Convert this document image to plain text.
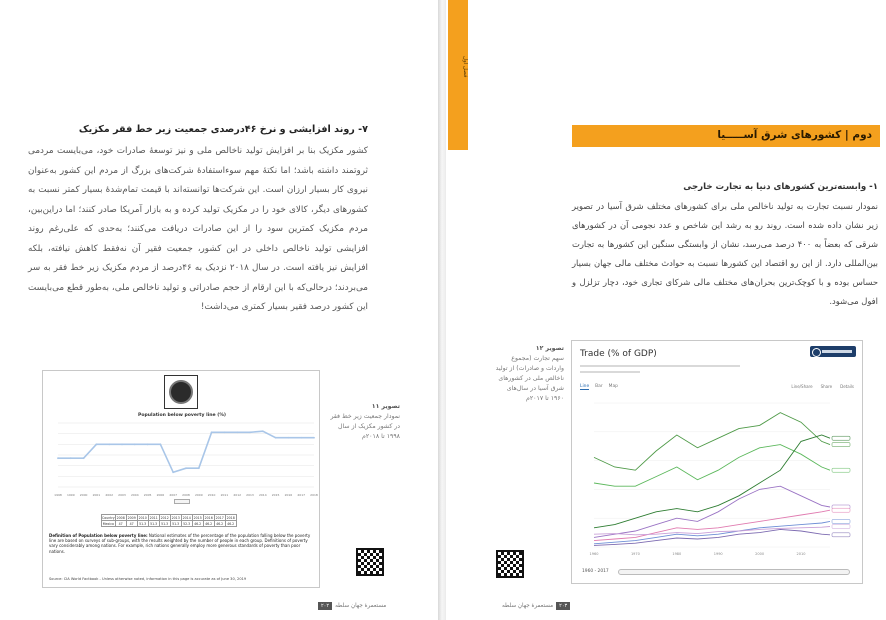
۷- روند افزایشی و نرخ ۴۶درصدی جمعیت زیر خط فقر مکزیک
کشور مکزیک بنا بر افزایش تولید ناخالص ملی و نیز توسعهٔ صادرات خود، می‌بایست مردمی ثروتمند داشته باشد؛ اما نکتهٔ مهم سوءاستفادهٔ شرکت‌های بزرگ از مردم این کشور به‌عنوان نیروی کار بسیار ارزان است. این شرکت‌ها توانسته‌اند با قیمت تمام‌شدهٔ بسیار کمتر نسبت به کشورهای دیگر، کالای خود را در مکزیک تولید کرده و به بازار آمریکا صادر کنند؛ اما دراین‌بین، مردم مکزیک کمترین سود را از این صادرات دریافت می‌کنند؛ به‌حدی که علی‌رغم روند افزایشی تولید ناخالص داخلی در این کشور، جمعیت فقیر آن نه‌فقط کاهش نیافته، بلکه افزایش نیز یافته است. در سال ۲۰۱۸ نزدیک به ۴۶درصد از مردم مکزیک زیر خط فقر به سر می‌بردند؛ درحالی‌که با این ارقام از حجم صادراتی و تولید ناخالص ملی، به‌طور قطع می‌بایست این کشور درصد فقیر بسیار کمتری می‌داشت!
Population below poverty line (%)
1998 1999 2000 2001 2002 2003 2004 2005 2006 2007 2008 2009 2010 2011 2012 2013 2014 2015 2016 2017 2018
Country	2008	2009	2010	2011	2012	2013	2014	2015	2016	2017	2018
Mexico	47	47	51.3	51.3	51.3	51.3	52.3	46.2	46.2	46.2	46.2
Definition of Population below poverty line: National estimates of the percentage of the population falling below the poverty line are based on surveys of sub-groups, with the results weighted by the number of people in each group. Definitions of poverty vary considerably among nations. For example, rich nations generally employ more generous standards of poverty than poor nations.
Source: CIA World Factbook - Unless otherwise noted, information in this page is accurate as of June 30, 2019
تصویر ۱۱
نمودار جمعیت زیر خط فقر در کشور مکزیک از سال ۱۹۹۸ تا ۲۰۱۸م
مستعمرهٔ جهانِ سلطه
۲۰۲
فصل اول
دوم | کشورهای شرق آســـــیا
۱- وابسته‌ترین کشورهای دنیا به تجارت خارجی
نمودار نسبت تجارت به تولید ناخالص ملی برای کشورهای مختلف شرق آسیا در تصویر زیر نشان داده شده است. روند رو به رشد این شاخص و عدد نجومی آن در کشورهای شرقی که بعضاً به ۴۰۰ درصد می‌رسد، نشان از وابستگی سنگین این کشورها به تجارت بین‌المللی دارد. از این رو اقتصاد این کشورها نسبت به حوادث مختلف مالی جهان بسیار حساس بوده و با کوچک‌ترین بحران‌های مختلف مالی شرکای تجاری خود، دچار تزلزل و افول می‌شود.
تصویر ۱۲
سهم تجارت (مجموع واردات و صادرات) از تولید ناخالص ملی در کشورهای شرق آسیا در سال‌های ۱۹۶۰ تا ۲۰۱۷م
Trade (% of GDP)
Line Bar Map	Line/Share Share Details
1960	1970	1980	1990	2000	2010
1960 - 2017
۲۰۳
مستعمرهٔ جهانِ سلطه
